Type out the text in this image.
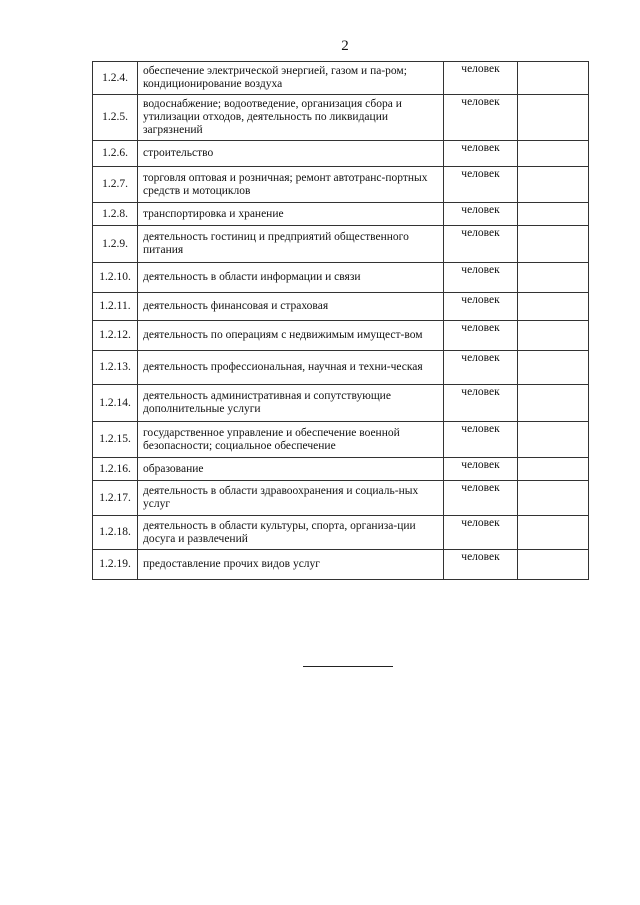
2
1.2.4.	обеспечение электрической энергией, газом и па-ром; кондиционирование воздуха	человек	
1.2.5.	водоснабжение; водоотведение, организация сбора и утилизации отходов, деятельность по ликвидации загрязнений	человек	
1.2.6.	строительство	человек	
1.2.7.	торговля оптовая и розничная; ремонт автотранс-портных средств и мотоциклов	человек	
1.2.8.	транспортировка и хранение	человек	
1.2.9.	деятельность гостиниц и предприятий общественного питания	человек	
1.2.10.	деятельность в области информации и связи	человек	
1.2.11.	деятельность финансовая и страховая	человек	
1.2.12.	деятельность по операциям с недвижимым имущест-вом	человек	
1.2.13.	деятельность профессиональная, научная и техни-ческая	человек	
1.2.14.	деятельность административная и сопутствующие дополнительные услуги	человек	
1.2.15.	государственное управление и обеспечение военной безопасности; социальное обеспечение	человек	
1.2.16.	образование	человек	
1.2.17.	деятельность в области здравоохранения и социаль-ных услуг	человек	
1.2.18.	деятельность в области культуры, спорта, организа-ции досуга и развлечений	человек	
1.2.19.	предоставление прочих видов услуг	человек	
